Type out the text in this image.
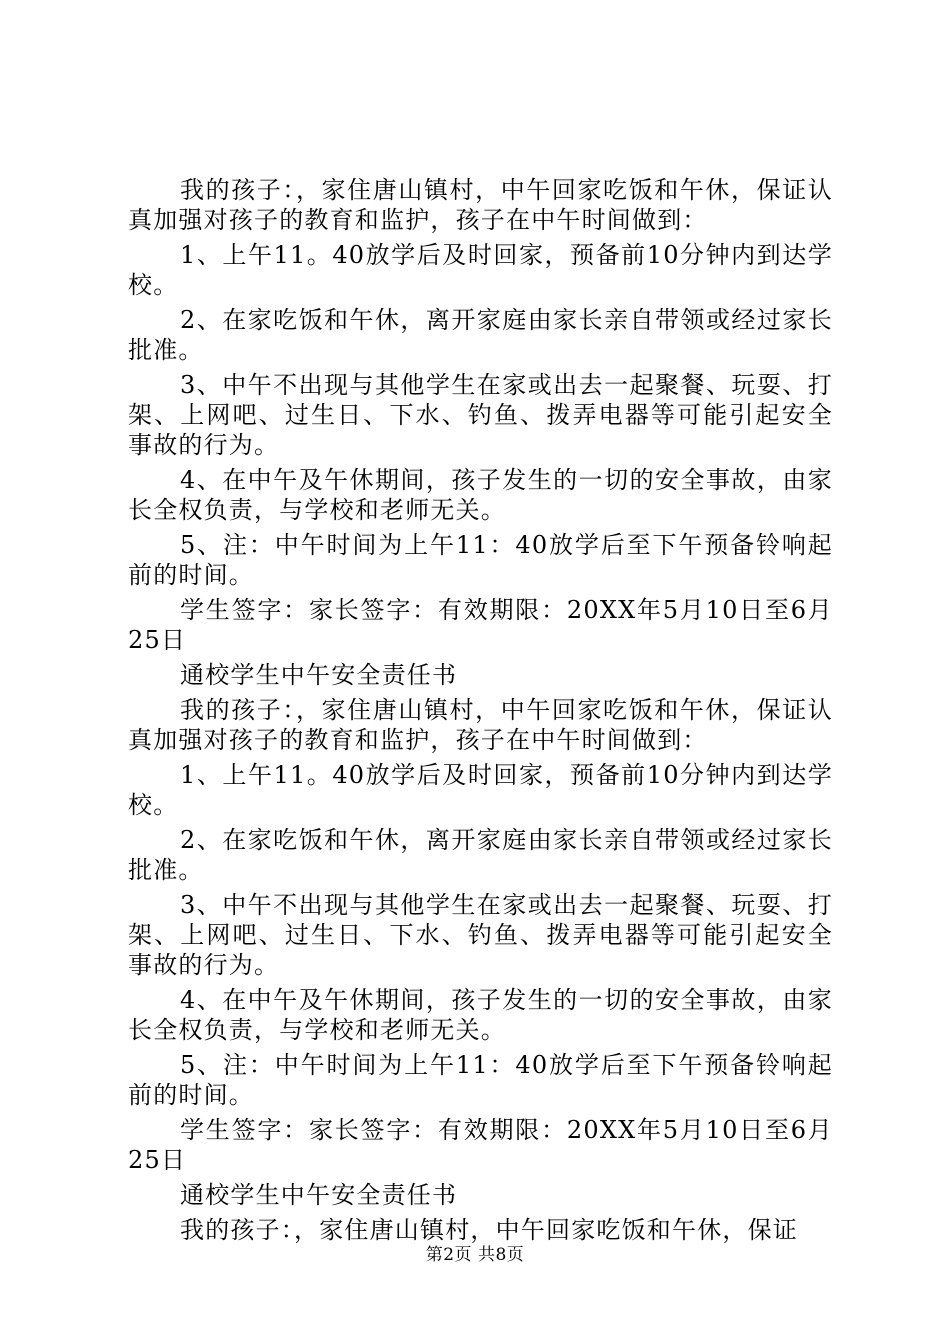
我的孩子：，家住唐山镇村，中午回家吃饭和午休，保证认真加强对孩子的教育和监护，孩子在中午时间做到：

1、上午11。40放学后及时回家，预备前10分钟内到达学校。

2、在家吃饭和午休，离开家庭由家长亲自带领或经过家长批准。

3、中午不出现与其他学生在家或出去一起聚餐、玩耍、打架、上网吧、过生日、下水、钓鱼、拨弄电器等可能引起安全事故的行为。

4、在中午及午休期间，孩子发生的一切的安全事故，由家长全权负责，与学校和老师无关。

5、注：中午时间为上午11：40放学后至下午预备铃响起前的时间。

学生签字：家长签字：有效期限：20XX年5月10日至6月25日

通校学生中午安全责任书

我的孩子：，家住唐山镇村，中午回家吃饭和午休，保证认真加强对孩子的教育和监护，孩子在中午时间做到：

1、上午11。40放学后及时回家，预备前10分钟内到达学校。

2、在家吃饭和午休，离开家庭由家长亲自带领或经过家长批准。

3、中午不出现与其他学生在家或出去一起聚餐、玩耍、打架、上网吧、过生日、下水、钓鱼、拨弄电器等可能引起安全事故的行为。

4、在中午及午休期间，孩子发生的一切的安全事故，由家长全权负责，与学校和老师无关。

5、注：中午时间为上午11：40放学后至下午预备铃响起前的时间。

学生签字：家长签字：有效期限：20XX年5月10日至6月25日

通校学生中午安全责任书

我的孩子：，家住唐山镇村，中午回家吃饭和午休，保证

第2页 共8页
